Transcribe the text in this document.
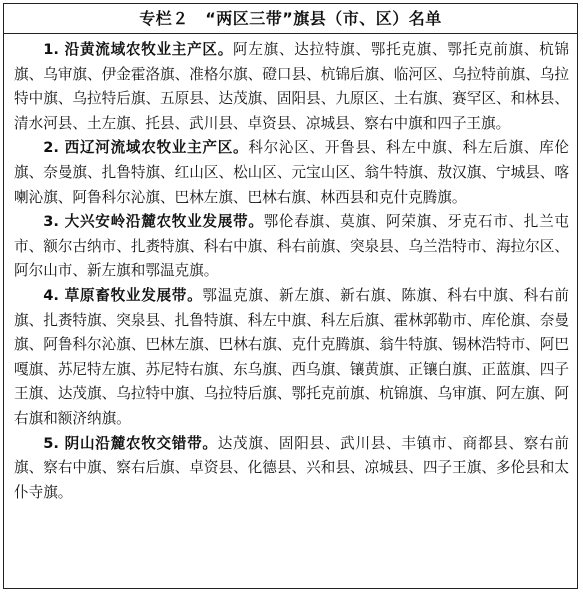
专栏２　“两区三带”旗县（市、区）名单

1. 沿黄流域农牧业主产区。阿左旗、达拉特旗、鄂托克旗、鄂托克前旗、杭锦旗、乌审旗、伊金霍洛旗、准格尔旗、磴口县、杭锦后旗、临河区、乌拉特前旗、乌拉特中旗、乌拉特后旗、五原县、达茂旗、固阳县、九原区、土右旗、赛罕区、和林县、清水河县、土左旗、托县、武川县、卓资县、凉城县、察右中旗和四子王旗。

2. 西辽河流域农牧业主产区。科尔沁区、开鲁县、科左中旗、科左后旗、库伦旗、奈曼旗、扎鲁特旗、红山区、松山区、元宝山区、翁牛特旗、敖汉旗、宁城县、喀喇沁旗、阿鲁科尔沁旗、巴林左旗、巴林右旗、林西县和克什克腾旗。

3. 大兴安岭沿麓农牧业发展带。鄂伦春旗、莫旗、阿荣旗、牙克石市、扎兰屯市、额尔古纳市、扎赉特旗、科右中旗、科右前旗、突泉县、乌兰浩特市、海拉尔区、阿尔山市、新左旗和鄂温克旗。

4. 草原畜牧业发展带。鄂温克旗、新左旗、新右旗、陈旗、科右中旗、科右前旗、扎赉特旗、突泉县、扎鲁特旗、科左中旗、科左后旗、霍林郭勒市、库伦旗、奈曼旗、阿鲁科尔沁旗、巴林左旗、巴林右旗、克什克腾旗、翁牛特旗、锡林浩特市、阿巴嘎旗、苏尼特左旗、苏尼特右旗、东乌旗、西乌旗、镶黄旗、正镶白旗、正蓝旗、四子王旗、达茂旗、乌拉特中旗、乌拉特后旗、鄂托克前旗、杭锦旗、乌审旗、阿左旗、阿右旗和额济纳旗。

5. 阴山沿麓农牧交错带。达茂旗、固阳县、武川县、丰镇市、商都县、察右前旗、察右中旗、察右后旗、卓资县、化德县、兴和县、凉城县、四子王旗、多伦县和太仆寺旗。
